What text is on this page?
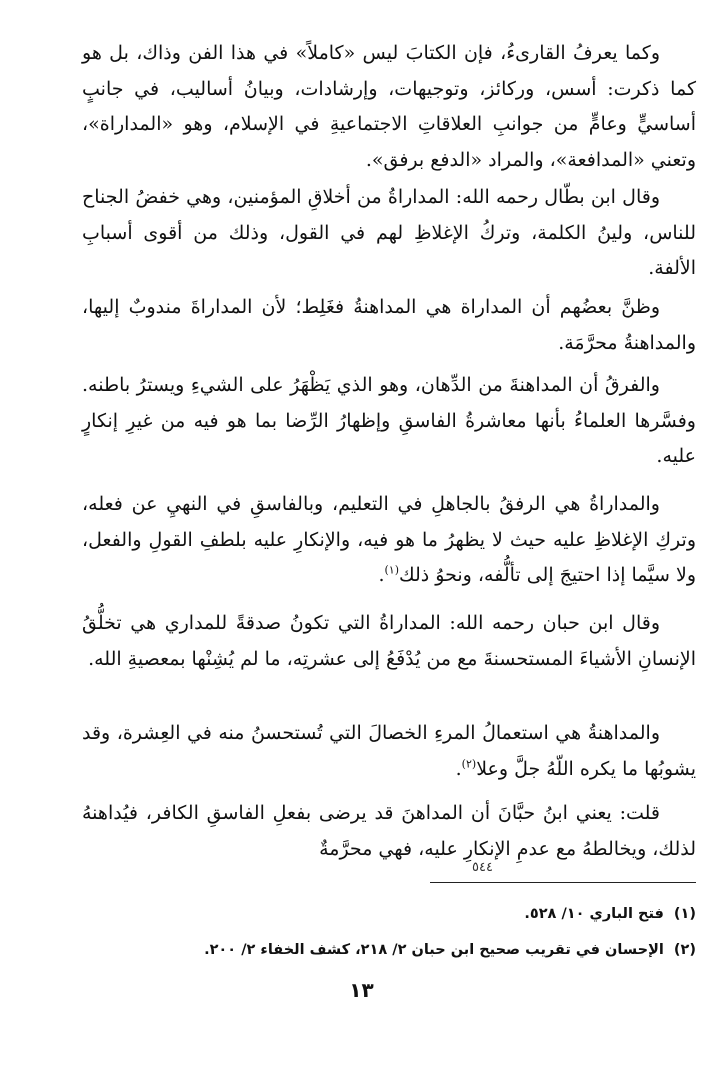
وكما يعرفُ القارىءُ، فإن الكتابَ ليس «كاملاً» في هذا الفن وذاك، بل هو كما ذكرت: أسس، وركائز، وتوجيهات، وإرشادات، وبيانُ أساليب، في جانبٍ أساسيٍّ وعامٍّ من جوانبِ العلاقاتِ الاجتماعيةِ في الإسلام، وهو «المداراة»، وتعني «المدافعة»، والمراد «الدفع برفق».

وقال ابن بطّال رحمه الله: المداراةُ من أخلاقِ المؤمنين، وهي خفضُ الجناح للناس، ولينُ الكلمة، وتركُ الإغلاظِ لهم في القول، وذلك من أقوى أسبابِ الألفة.

وظنَّ بعضُهم أن المداراة هي المداهنةُ فغَلِط؛ لأن المداراةَ مندوبٌ إليها، والمداهنةُ محرَّمَة.

والفرقُ أن المداهنةَ من الدِّهان، وهو الذي يَظْهَرُ على الشيءِ ويسترُ باطنه. وفسَّرها العلماءُ بأنها معاشرةُ الفاسقِ وإظهارُ الرِّضا بما هو فيه من غيرِ إنكارٍ عليه.

والمداراةُ هي الرفقُ بالجاهلِ في التعليم، وبالفاسقِ في النهيِ عن فعله، وتركِ الإغلاظِ عليه حيث لا يظهرُ ما هو فيه، والإنكارِ عليه بلطفِ القولِ والفعل، ولا سيَّما إذا احتيجَ إلى تألُّفه، ونحوُ ذلك$^{(١)}$.

وقال ابن حبان رحمه الله: المداراةُ التي تكونُ صدقةً للمداري هي تخلُّقُ الإنسانِ الأشياءَ المستحسنةَ مع من يُدْفَعُ إلى عشرتِه، ما لم يُشِنْها بمعصيةِ الله.

والمداهنةُ هي استعمالُ المرءِ الخصالَ التي تُستحسنُ منه في العِشرة، وقد يشوبُها ما يكره اللّهُ جلَّ وعلا$^{(٢)}$.

قلت: يعني ابنُ حبَّانَ أن المداهنَ قد يرضى بفعلِ الفاسقِ الكافر، فيُداهنهُ لذلك، ويخالطهُ مع عدمِ الإنكارِ عليه، فهي محرَّمةٌ

٥٤٤
(١)فتح الباري ١٠/ ٥٢٨.
(٢)الإحسان في تقريب صحيح ابن حبان ٢/ ٢١٨، كشف الخفاء ٢/ ٢٠٠.
١٣
